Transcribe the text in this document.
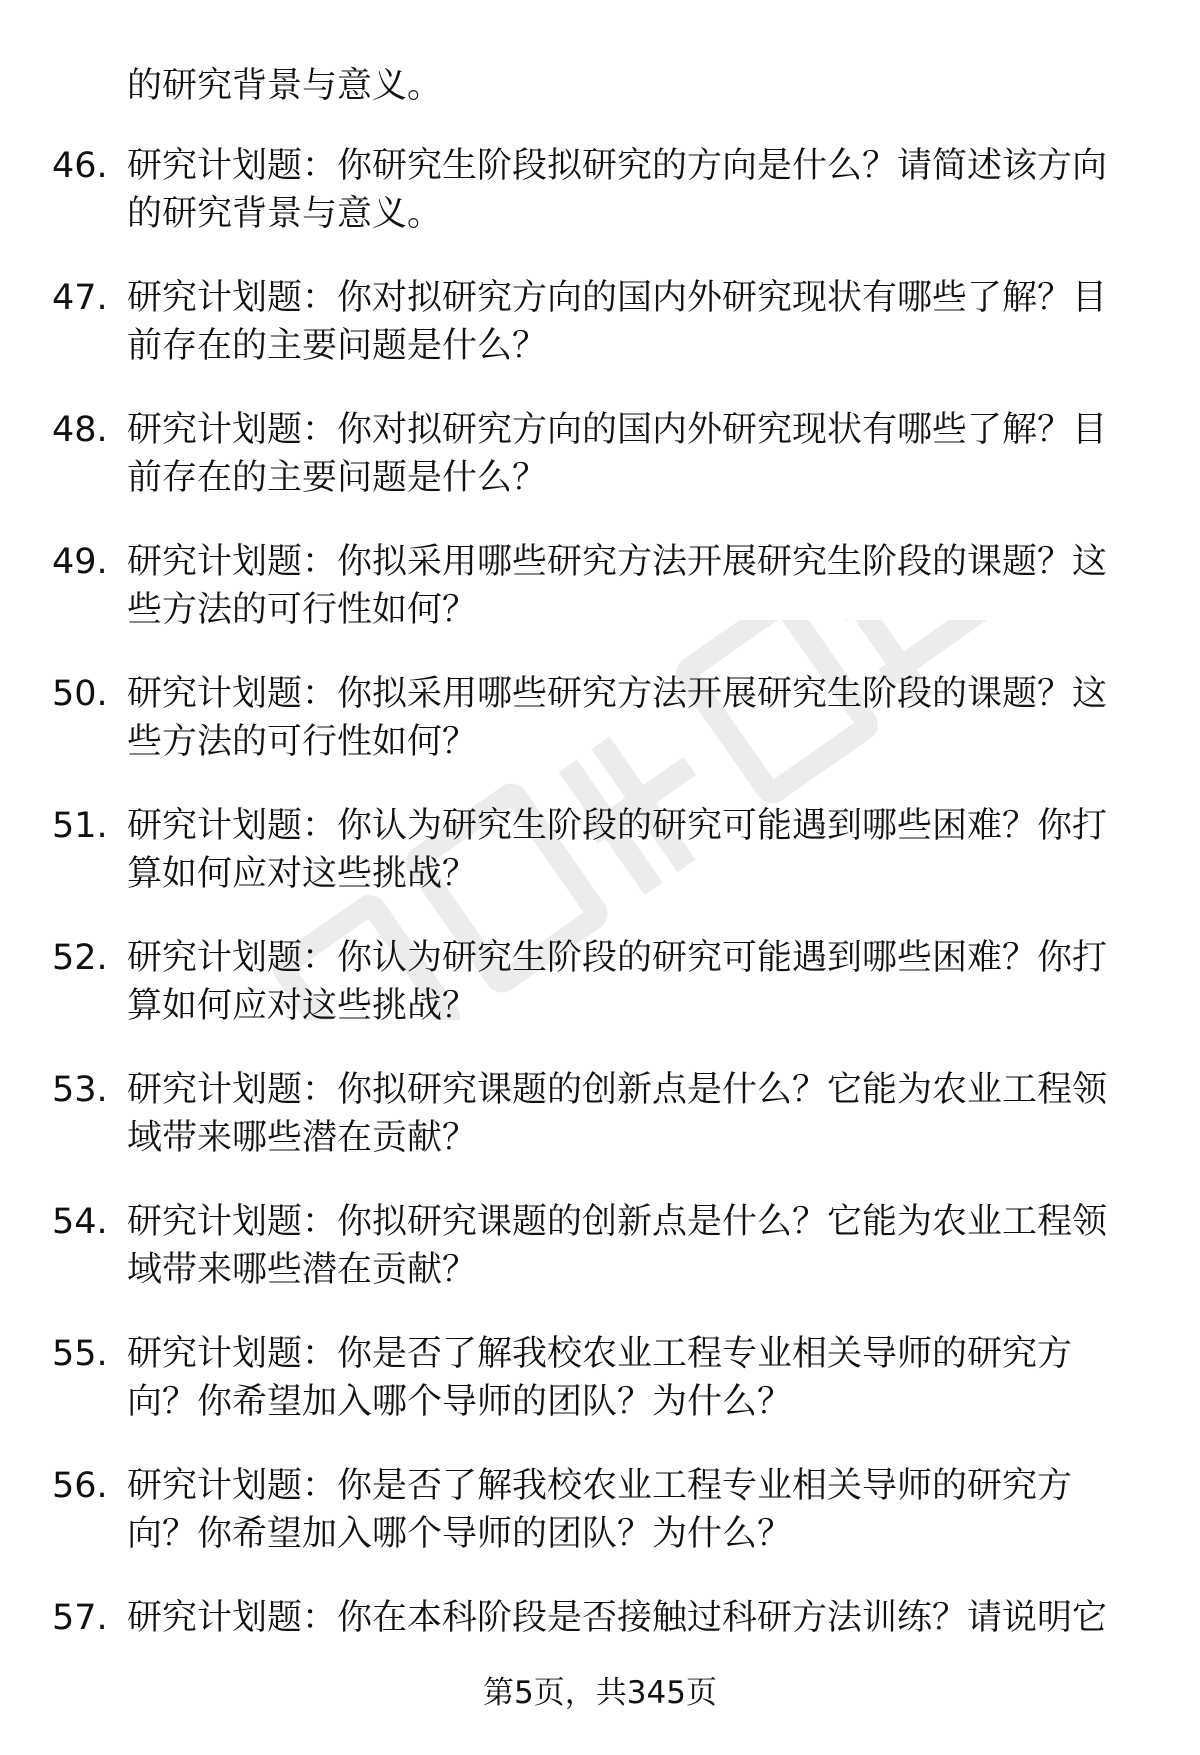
的研究背景与意义。
46. 研究计划题：你研究生阶段拟研究的方向是什么？请简述该方向
的研究背景与意义。
47. 研究计划题：你对拟研究方向的国内外研究现状有哪些了解？目
前存在的主要问题是什么？
48. 研究计划题：你对拟研究方向的国内外研究现状有哪些了解？目
前存在的主要问题是什么？
49. 研究计划题：你拟采用哪些研究方法开展研究生阶段的课题？这
些方法的可行性如何？
50. 研究计划题：你拟采用哪些研究方法开展研究生阶段的课题？这
些方法的可行性如何？
51. 研究计划题：你认为研究生阶段的研究可能遇到哪些困难？你打
算如何应对这些挑战？
52. 研究计划题：你认为研究生阶段的研究可能遇到哪些困难？你打
算如何应对这些挑战？
53. 研究计划题：你拟研究课题的创新点是什么？它能为农业工程领
域带来哪些潜在贡献？
54. 研究计划题：你拟研究课题的创新点是什么？它能为农业工程领
域带来哪些潜在贡献？
55. 研究计划题：你是否了解我校农业工程专业相关导师的研究方
向？你希望加入哪个导师的团队？为什么？
56. 研究计划题：你是否了解我校农业工程专业相关导师的研究方
向？你希望加入哪个导师的团队？为什么？
57. 研究计划题：你在本科阶段是否接触过科研方法训练？请说明它
第5页，共345页
